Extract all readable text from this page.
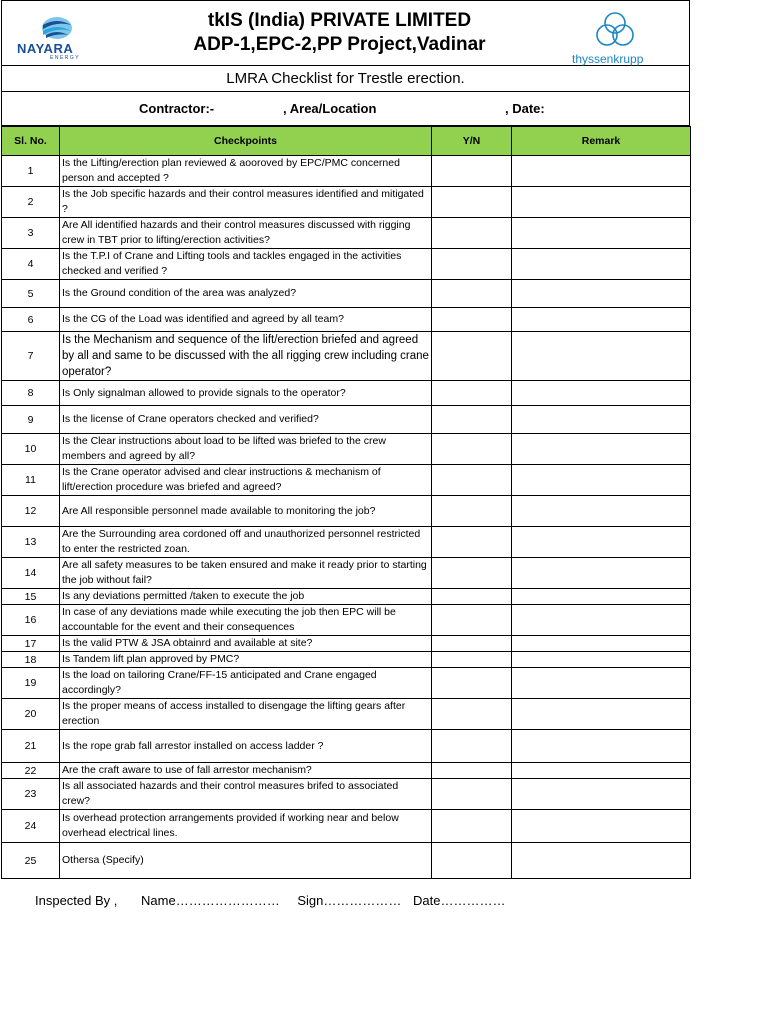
NAYARA
ENERGY
tkIS (India) PRIVATE LIMITED
ADP-1,EPC-2,PP Project,Vadinar
thyssenkrupp
LMRA Checklist for Trestle erection.
Contractor:-	, Area/Location	, Date:
Sl. No.	Checkpoints	Y/N	Remark
1	Is the Lifting/erection plan reviewed & aooroved by EPC/PMC concerned person and accepted ?		
2	Is the Job specific hazards and their control measures identified and mitigated ?		
3	Are All identified hazards and their control measures discussed with rigging crew in TBT prior to lifting/erection activities?		
4	Is the T.P.I of Crane and Lifting tools and tackles engaged in the activities checked and verified ?		
5	Is the Ground condition of the area was analyzed?		
6	Is the CG of the Load was identified and agreed by all team?		
7	Is the Mechanism and sequence of the lift/erection briefed and agreed by all and same to be discussed with the all rigging crew including crane operator?		
8	Is Only signalman allowed to provide signals to the operator?		
9	Is the license of Crane operators checked and verified?		
10	Is the Clear instructions about load to be lifted was briefed to the crew members and agreed by all?		
11	Is the Crane operator advised and clear instructions & mechanism of lift/erection procedure was briefed and agreed?		
12	Are All responsible personnel made available to monitoring the job?		
13	Are the Surrounding area cordoned off and unauthorized personnel restricted to enter the restricted zoan.		
14	Are all safety measures to be taken ensured and make it ready prior to starting the job without fail?		
15	Is any deviations permitted /taken to execute the job		
16	In case of any deviations made while executing the job then EPC will be accountable for the event and their consequences		
17	Is the valid PTW & JSA obtainrd and available at site?		
18	Is Tandem lift plan approved by PMC?		
19	Is the load on tailoring Crane/FF-15 anticipated and Crane engaged accordingly?		
20	Is the proper means of access installed to disengage the lifting gears after erection		
21	Is the rope grab fall arrestor installed on access ladder ?		
22	Are the craft aware to use of fall arrestor mechanism?		
23	Is all associated hazards and their control measures brifed to associated crew?		
24	Is overhead protection arrangements provided if working near and below overhead electrical lines.		
25	Othersa (Specify)		
Inspected By , Name…………………… Sign……………… Date……………
